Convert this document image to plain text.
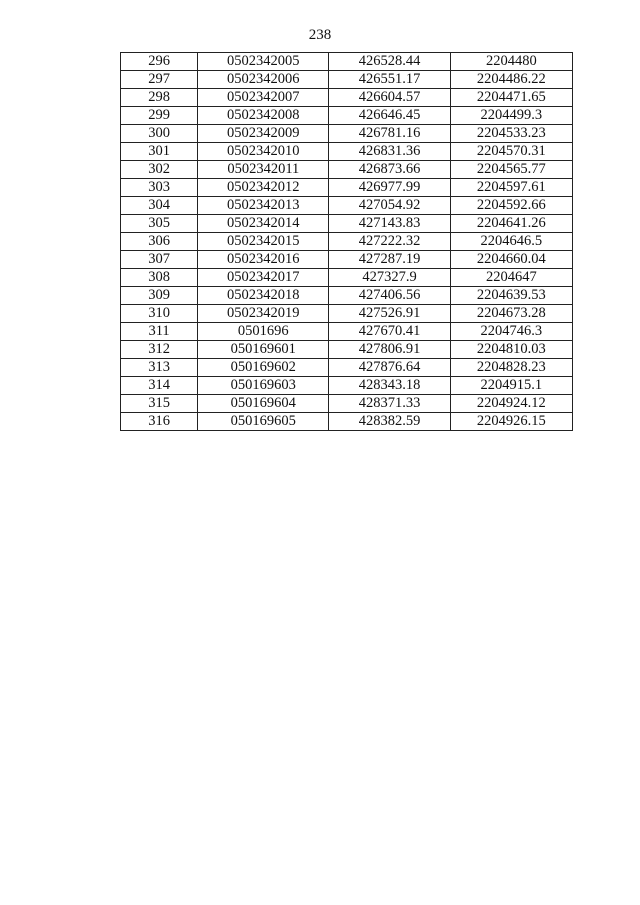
238
296	0502342005	426528.44	2204480
297	0502342006	426551.17	2204486.22
298	0502342007	426604.57	2204471.65
299	0502342008	426646.45	2204499.3
300	0502342009	426781.16	2204533.23
301	0502342010	426831.36	2204570.31
302	0502342011	426873.66	2204565.77
303	0502342012	426977.99	2204597.61
304	0502342013	427054.92	2204592.66
305	0502342014	427143.83	2204641.26
306	0502342015	427222.32	2204646.5
307	0502342016	427287.19	2204660.04
308	0502342017	427327.9	2204647
309	0502342018	427406.56	2204639.53
310	0502342019	427526.91	2204673.28
311	0501696	427670.41	2204746.3
312	050169601	427806.91	2204810.03
313	050169602	427876.64	2204828.23
314	050169603	428343.18	2204915.1
315	050169604	428371.33	2204924.12
316	050169605	428382.59	2204926.15
